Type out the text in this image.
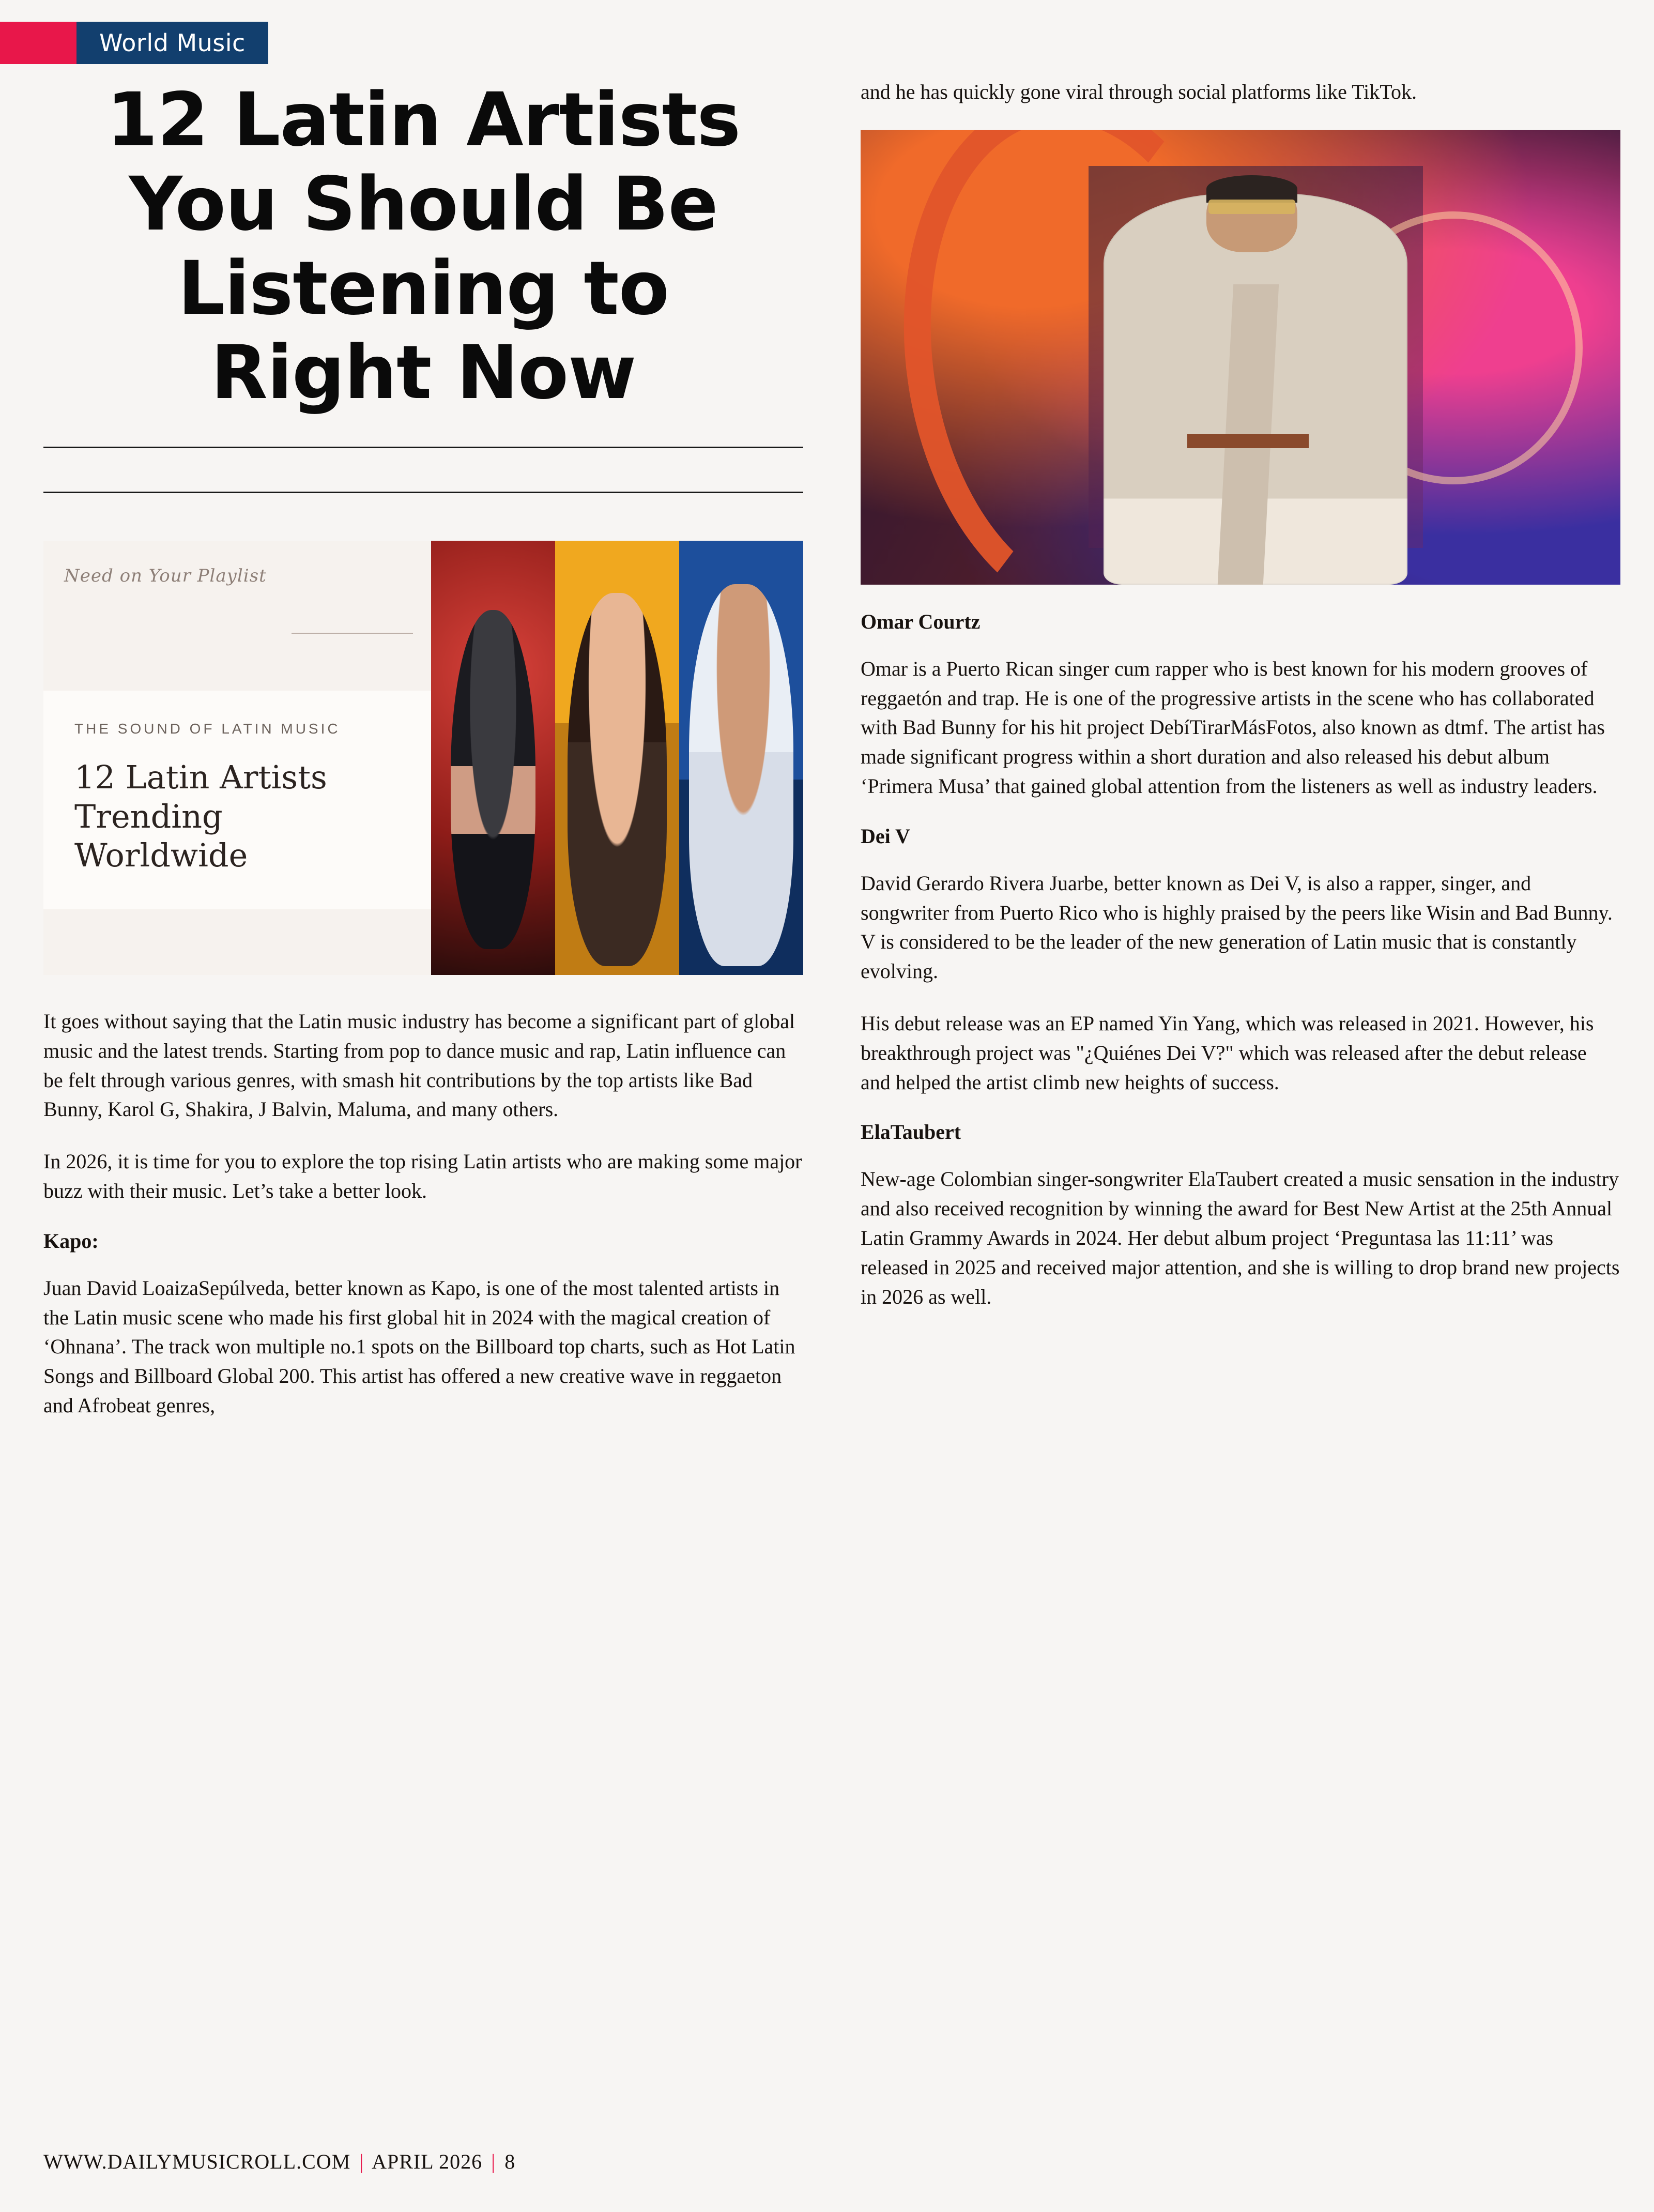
World Music
12 Latin Artists You Should Be Listening to Right Now
Need on Your Playlist
THE SOUND OF LATIN MUSIC
12 Latin Artists
Trending Worldwide

It goes without saying that the Latin music industry has become a significant part of global music and the latest trends. Starting from pop to dance music and rap, Latin influence can be felt through various genres, with smash hit contributions by the top artists like Bad Bunny, Karol G, Shakira, J Balvin, Maluma, and many others.

In 2026, it is time for you to explore the top rising Latin artists who are making some major buzz with their music. Let’s take a better look.

Kapo:

Juan David LoaizaSepúlveda, better known as Kapo, is one of the most talented artists in the Latin music scene who made his first global hit in 2024 with the magical creation of ‘Ohnana’. The track won multiple no.1 spots on the Billboard top charts, such as Hot Latin Songs and Billboard Global 200. This artist has offered a new creative wave in reggaeton and Afrobeat genres,

and he has quickly gone viral through social platforms like TikTok.

Omar Courtz

Omar is a Puerto Rican singer cum rapper who is best known for his modern grooves of reggaetón and trap. He is one of the progressive artists in the scene who has collaborated with Bad Bunny for his hit project DebíTirarMásFotos, also known as dtmf. The artist has made significant progress within a short duration and also released his debut album ‘Primera Musa’ that gained global attention from the listeners as well as industry leaders.

Dei V

David Gerardo Rivera Juarbe, better known as Dei V, is also a rapper, singer, and songwriter from Puerto Rico who is highly praised by the peers like Wisin and Bad Bunny. V is considered to be the leader of the new generation of Latin music that is constantly evolving.

His debut release was an EP named Yin Yang, which was released in 2021. However, his breakthrough project was "¿Quiénes Dei V?" which was released after the debut release and helped the artist climb new heights of success.

ElaTaubert

New-age Colombian singer-songwriter ElaTaubert created a music sensation in the industry and also received recognition by winning the award for Best New Artist at the 25th Annual Latin Grammy Awards in 2024. Her debut album project ‘Preguntasa las 11:11’ was released in 2025 and received major attention, and she is willing to drop brand new projects in 2026 as well.

WWW.DAILYMUSICROLL.COM | APRIL 2026 | 8
